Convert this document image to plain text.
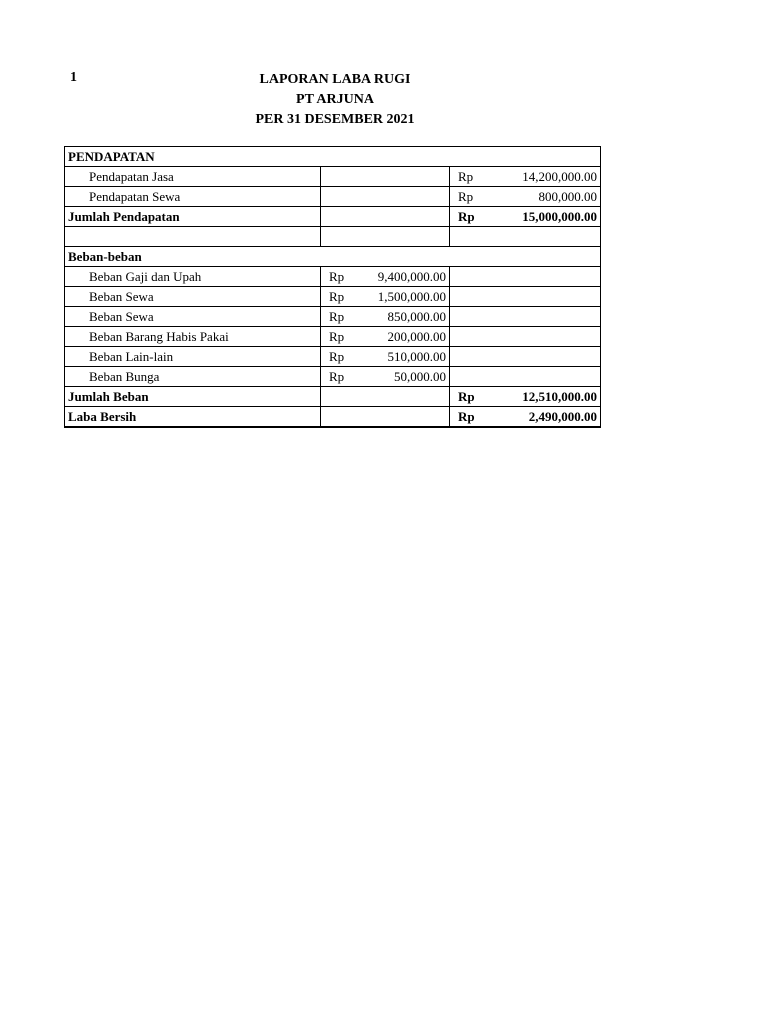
1	LAPORAN LABA RUGI
PT ARJUNA
PER 31 DESEMBER 2021
PENDAPATAN		
Pendapatan Jasa		Rp 14,200,000.00

Pendapatan Sewa		Rp 800,000.00

Jumlah Pendapatan		Rp 15,000,000.00

Beban-beban		
Beban Gaji dan Upah	Rp 9,400,000.00	

Beban Sewa	Rp 1,500,000.00	

Beban Sewa	Rp 850,000.00	

Beban Barang Habis Pakai	Rp 200,000.00	

Beban Lain-lain	Rp 510,000.00	

Beban Bunga	Rp 50,000.00	

Jumlah Beban		Rp 12,510,000.00

Laba Bersih		Rp 2,490,000.00
